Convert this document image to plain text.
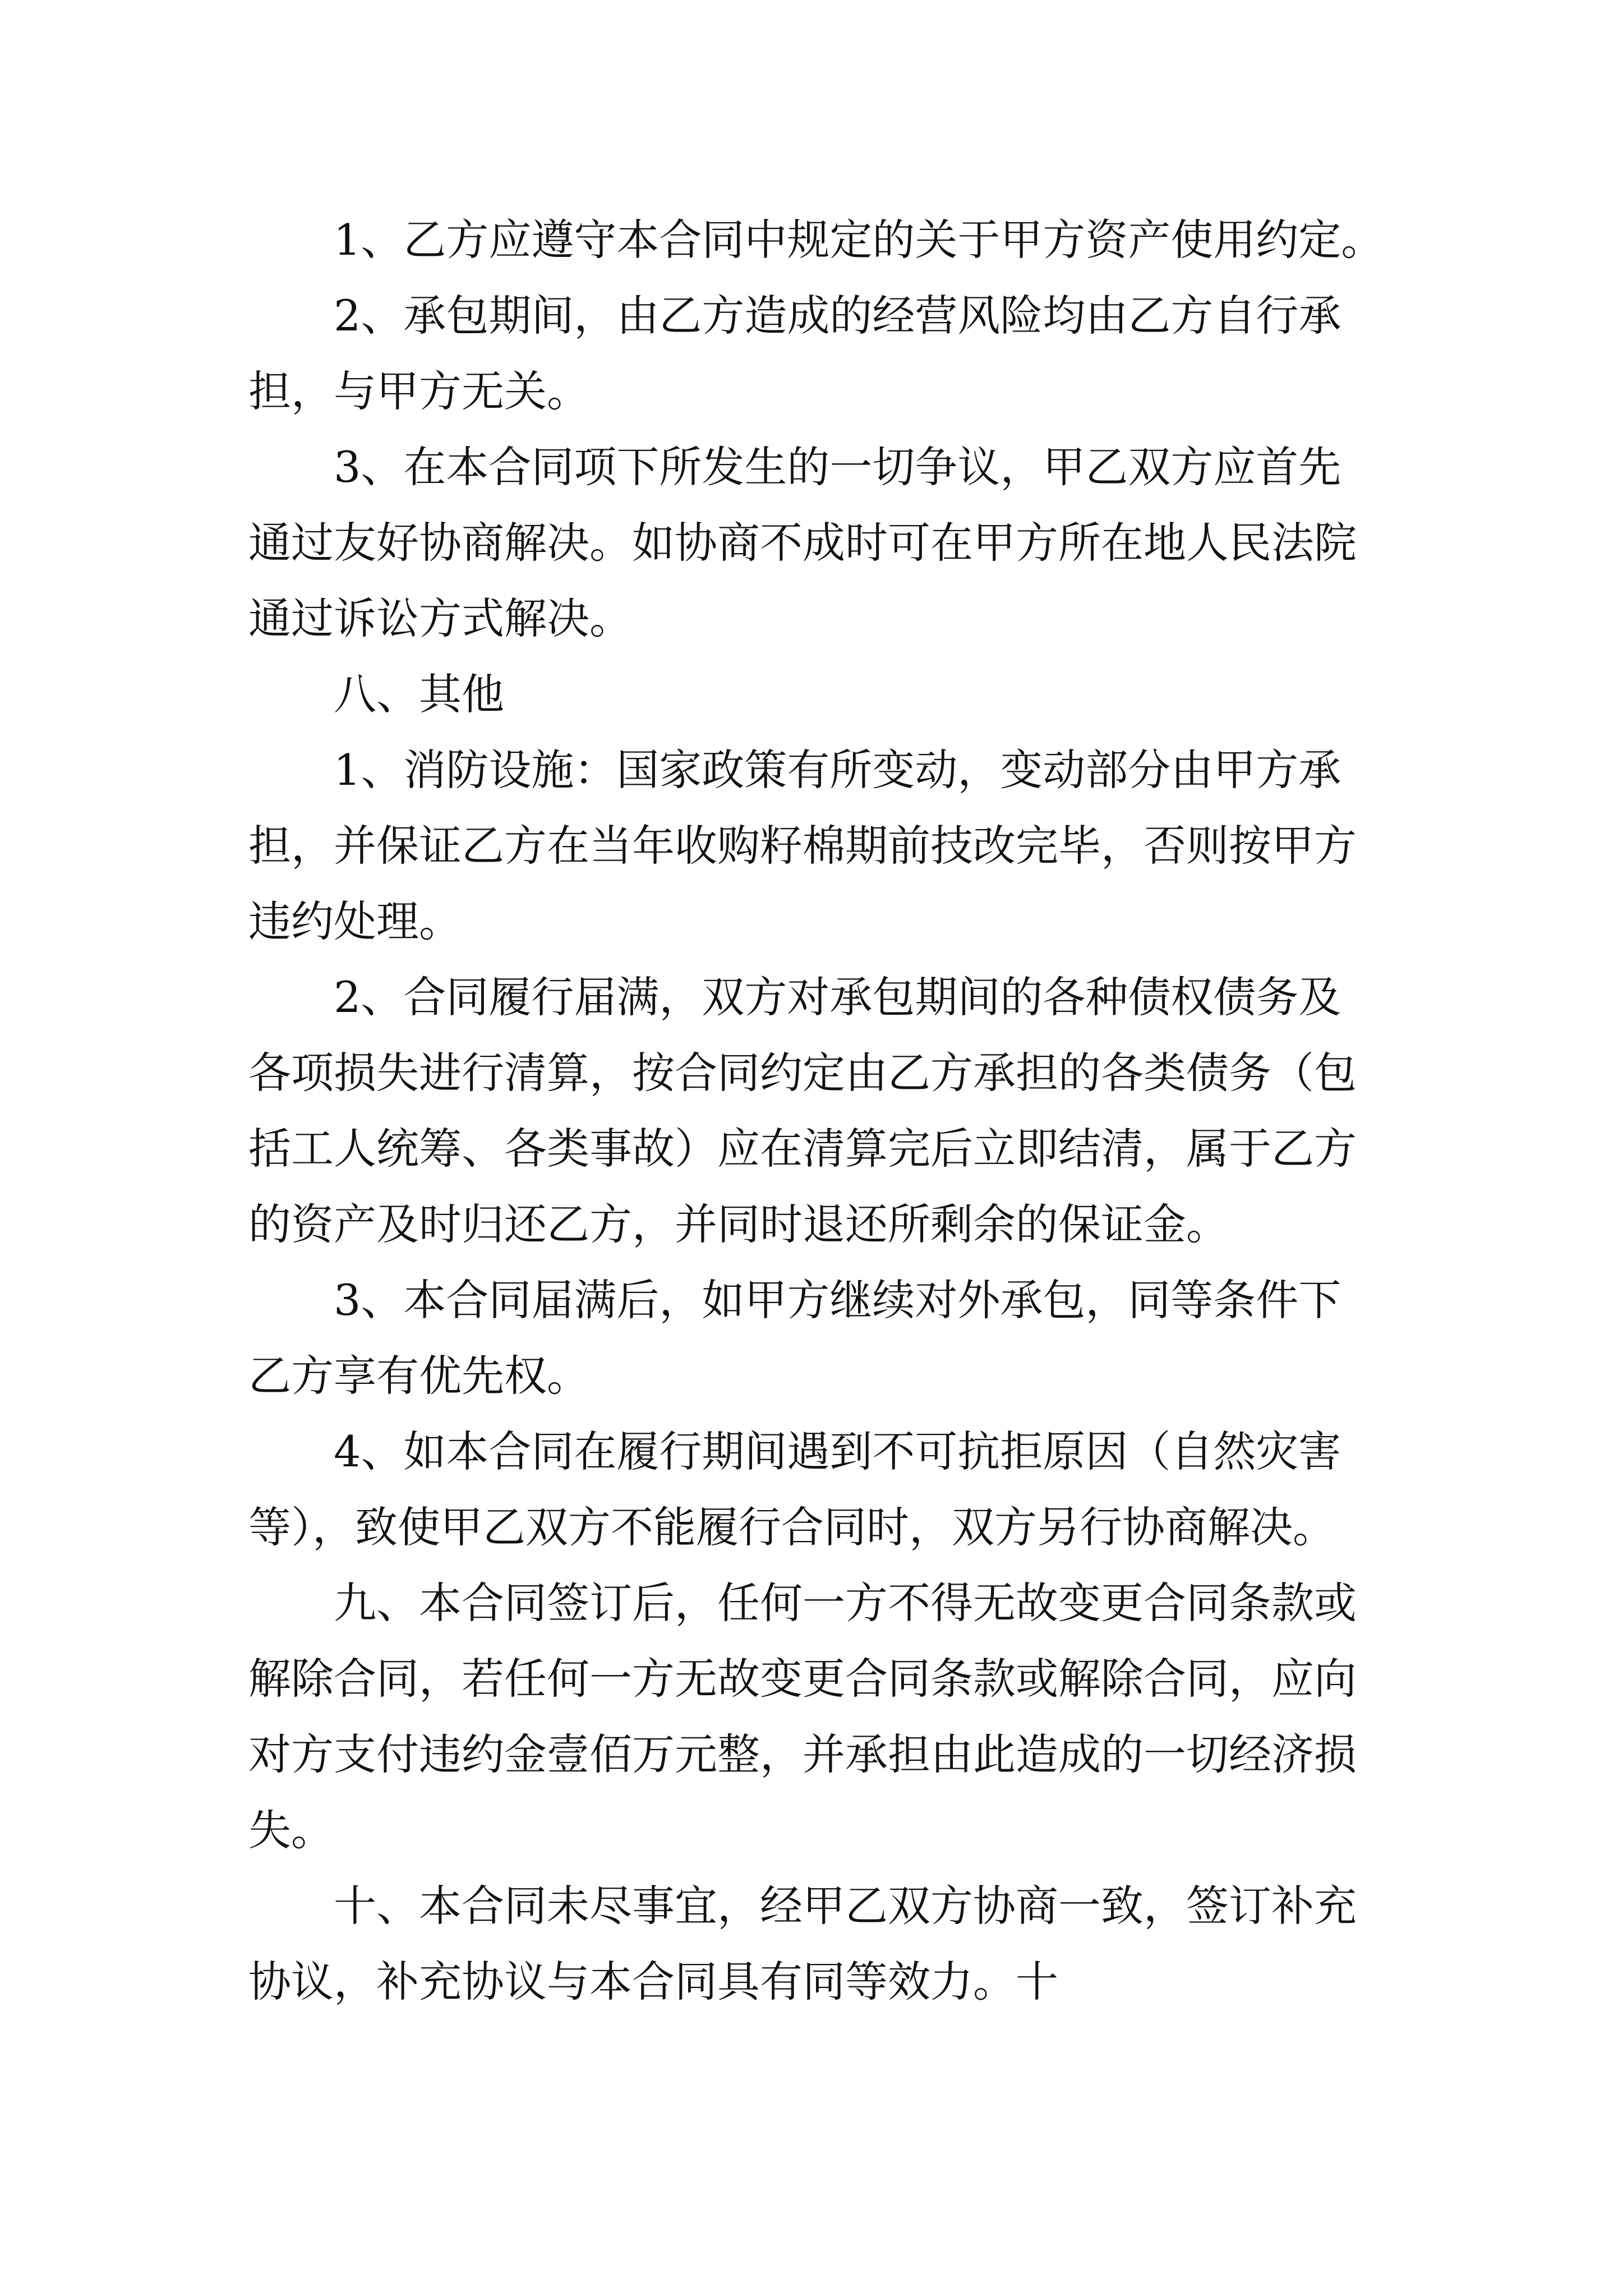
1、乙方应遵守本合同中规定的关于甲方资产使用约定。

2、承包期间，由乙方造成的经营风险均由乙方自行承

担，与甲方无关。

3、在本合同项下所发生的一切争议，甲乙双方应首先

通过友好协商解决。如协商不成时可在甲方所在地人民法院

通过诉讼方式解决。

八、其他

1、消防设施：国家政策有所变动，变动部分由甲方承

担，并保证乙方在当年收购籽棉期前技改完毕，否则按甲方

违约处理。

2、合同履行届满，双方对承包期间的各种债权债务及

各项损失进行清算，按合同约定由乙方承担的各类债务（包

括工人统筹、各类事故）应在清算完后立即结清，属于乙方

的资产及时归还乙方，并同时退还所剩余的保证金。

3、本合同届满后，如甲方继续对外承包，同等条件下

乙方享有优先权。

4、如本合同在履行期间遇到不可抗拒原因（自然灾害

等），致使甲乙双方不能履行合同时，双方另行协商解决。

九、本合同签订后，任何一方不得无故变更合同条款或

解除合同，若任何一方无故变更合同条款或解除合同，应向

对方支付违约金壹佰万元整，并承担由此造成的一切经济损

失。

十、本合同未尽事宜，经甲乙双方协商一致，签订补充

协议，补充协议与本合同具有同等效力。十
